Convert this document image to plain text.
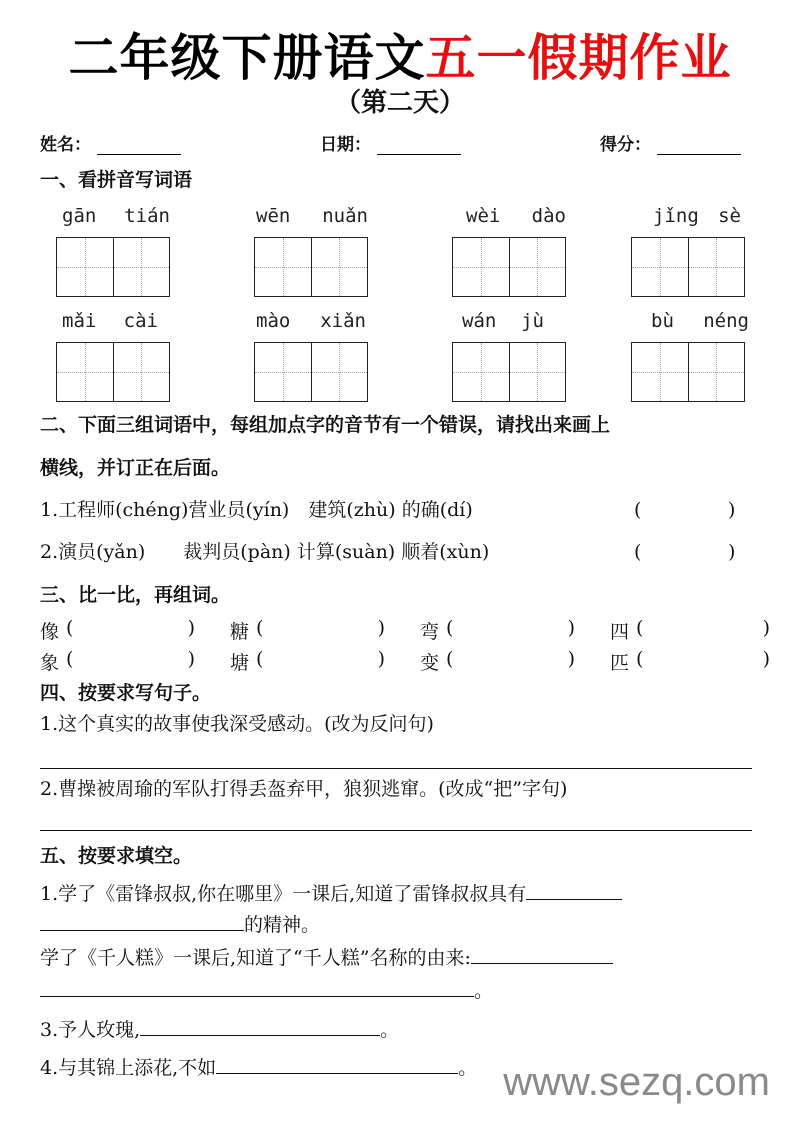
二年级下册语文五一假期作业
（第二天）
姓名：	日期：	得分：
一、看拼音写词语
gān tián	wēn nuǎn	wèi dào	jǐng sè
mǎi cài	mào xiǎn	wán jù	bù néng
二、下面三组词语中，每组加点字的音节有一个错误，请找出来画上
横线，并订正在后面。
1.工程师(chéng)营业员(yín)　建筑(zhù) 的确(dí)	(	)
2.演员(yǎn)　　裁判员(pàn) 计算(suàn) 顺着(xùn)	(	)
三、比一比，再组词。
像 (	) 糖 (	) 弯 (	) 四 (	)
象 (	) 塘 (	) 变 (	) 匹 (	)
四、按要求写句子。
1.这个真实的故事使我深受感动。(改为反问句)
2.曹操被周瑜的军队打得丢盔弃甲，狼狈逃窜。(改成“把”字句)
五、按要求填空。
1.学了《雷锋叔叔,你在哪里》一课后,知道了雷锋叔叔具有
的精神。
学了《千人糕》一课后,知道了“千人糕”名称的由来:
。
3.予人玫瑰,	。
4.与其锦上添花,不如	。 www.sezq.com
